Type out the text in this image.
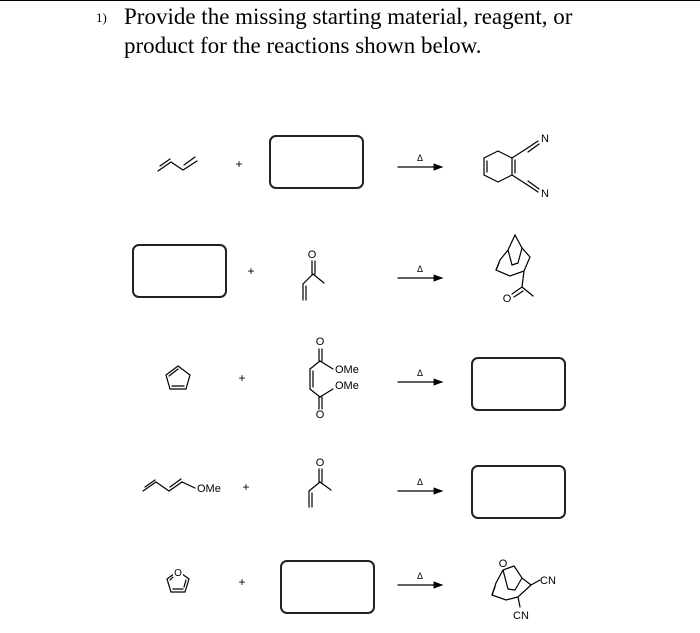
1) Provide the missing starting material, reagent, or
product for the reactions shown below.
+	Δ
N
N
+
O
Δ
O
+
O
OMe
OMe
O
Δ
OMe +
O
Δ
O
+	Δ
O
CN
CN
